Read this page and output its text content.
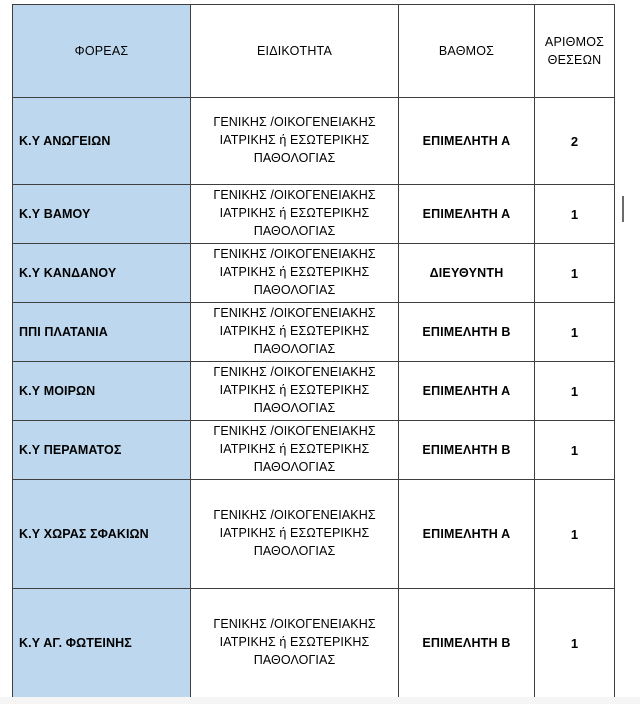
ΦΟΡΕΑΣ	ΕΙΔΙΚΟΤΗΤΑ	ΒΑΘΜΟΣ	ΑΡΙΘΜΟΣ
ΘΕΣΕΩΝ
Κ.Υ ΑΝΩΓΕΙΩΝ	ΓΕΝΙΚΗΣ /ΟΙΚΟΓΕΝΕΙΑΚΗΣ
ΙΑΤΡΙΚΗΣ ή ΕΣΩΤΕΡΙΚΗΣ
ΠΑΘΟΛΟΓΙΑΣ	ΕΠΙΜΕΛΗΤΗ Α	2
Κ.Υ ΒΑΜΟΥ	ΓΕΝΙΚΗΣ /ΟΙΚΟΓΕΝΕΙΑΚΗΣ
ΙΑΤΡΙΚΗΣ ή ΕΣΩΤΕΡΙΚΗΣ
ΠΑΘΟΛΟΓΙΑΣ	ΕΠΙΜΕΛΗΤΗ Α	1
Κ.Υ ΚΑΝΔΑΝΟΥ	ΓΕΝΙΚΗΣ /ΟΙΚΟΓΕΝΕΙΑΚΗΣ
ΙΑΤΡΙΚΗΣ ή ΕΣΩΤΕΡΙΚΗΣ
ΠΑΘΟΛΟΓΙΑΣ	ΔΙΕΥΘΥΝΤΗ	1
ΠΠΙ ΠΛΑΤΑΝΙΑ	ΓΕΝΙΚΗΣ /ΟΙΚΟΓΕΝΕΙΑΚΗΣ
ΙΑΤΡΙΚΗΣ ή ΕΣΩΤΕΡΙΚΗΣ
ΠΑΘΟΛΟΓΙΑΣ	ΕΠΙΜΕΛΗΤΗ Β	1
Κ.Υ ΜΟΙΡΩΝ	ΓΕΝΙΚΗΣ /ΟΙΚΟΓΕΝΕΙΑΚΗΣ
ΙΑΤΡΙΚΗΣ ή ΕΣΩΤΕΡΙΚΗΣ
ΠΑΘΟΛΟΓΙΑΣ	ΕΠΙΜΕΛΗΤΗ Α	1
Κ.Υ ΠΕΡΑΜΑΤΟΣ	ΓΕΝΙΚΗΣ /ΟΙΚΟΓΕΝΕΙΑΚΗΣ
ΙΑΤΡΙΚΗΣ ή ΕΣΩΤΕΡΙΚΗΣ
ΠΑΘΟΛΟΓΙΑΣ	ΕΠΙΜΕΛΗΤΗ Β	1
Κ.Υ ΧΩΡΑΣ ΣΦΑΚΙΩΝ	ΓΕΝΙΚΗΣ /ΟΙΚΟΓΕΝΕΙΑΚΗΣ
ΙΑΤΡΙΚΗΣ ή ΕΣΩΤΕΡΙΚΗΣ
ΠΑΘΟΛΟΓΙΑΣ	ΕΠΙΜΕΛΗΤΗ Α	1
Κ.Υ ΑΓ. ΦΩΤΕΙΝΗΣ	ΓΕΝΙΚΗΣ /ΟΙΚΟΓΕΝΕΙΑΚΗΣ
ΙΑΤΡΙΚΗΣ ή ΕΣΩΤΕΡΙΚΗΣ
ΠΑΘΟΛΟΓΙΑΣ	ΕΠΙΜΕΛΗΤΗ Β	1
